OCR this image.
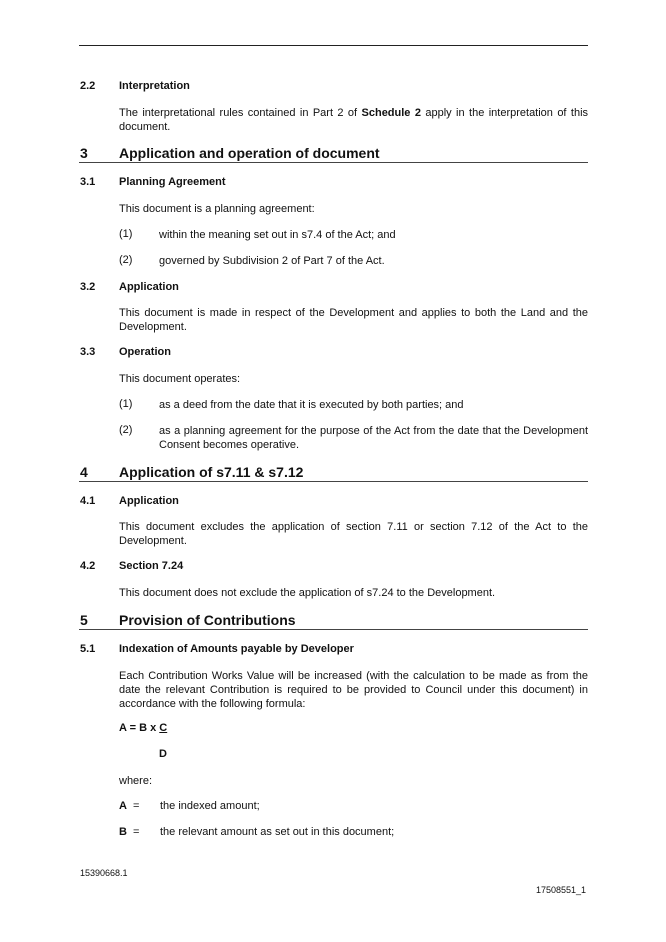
2.2 Interpretation
The interpretational rules contained in Part 2 of Schedule 2 apply in the interpretation of this document.
3 Application and operation of document
3.1 Planning Agreement
This document is a planning agreement:
(1) within the meaning set out in s7.4 of the Act; and
(2) governed by Subdivision 2 of Part 7 of the Act.
3.2 Application
This document is made in respect of the Development and applies to both the Land and the Development.
3.3 Operation
This document operates:
(1) as a deed from the date that it is executed by both parties; and
(2) as a planning agreement for the purpose of the Act from the date that the Development Consent becomes operative.
4 Application of s7.11 & s7.12
4.1 Application
This document excludes the application of section 7.11 or section 7.12 of the Act to the Development.
4.2 Section 7.24
This document does not exclude the application of s7.24 to the Development.
5 Provision of Contributions
5.1 Indexation of Amounts payable by Developer
Each Contribution Works Value will be increased (with the calculation to be made as from the date the relevant Contribution is required to be provided to Council under this document) in accordance with the following formula:
A = B x C
D
where:
A = the indexed amount;
B = the relevant amount as set out in this document;
15390668.1
17508551_1
